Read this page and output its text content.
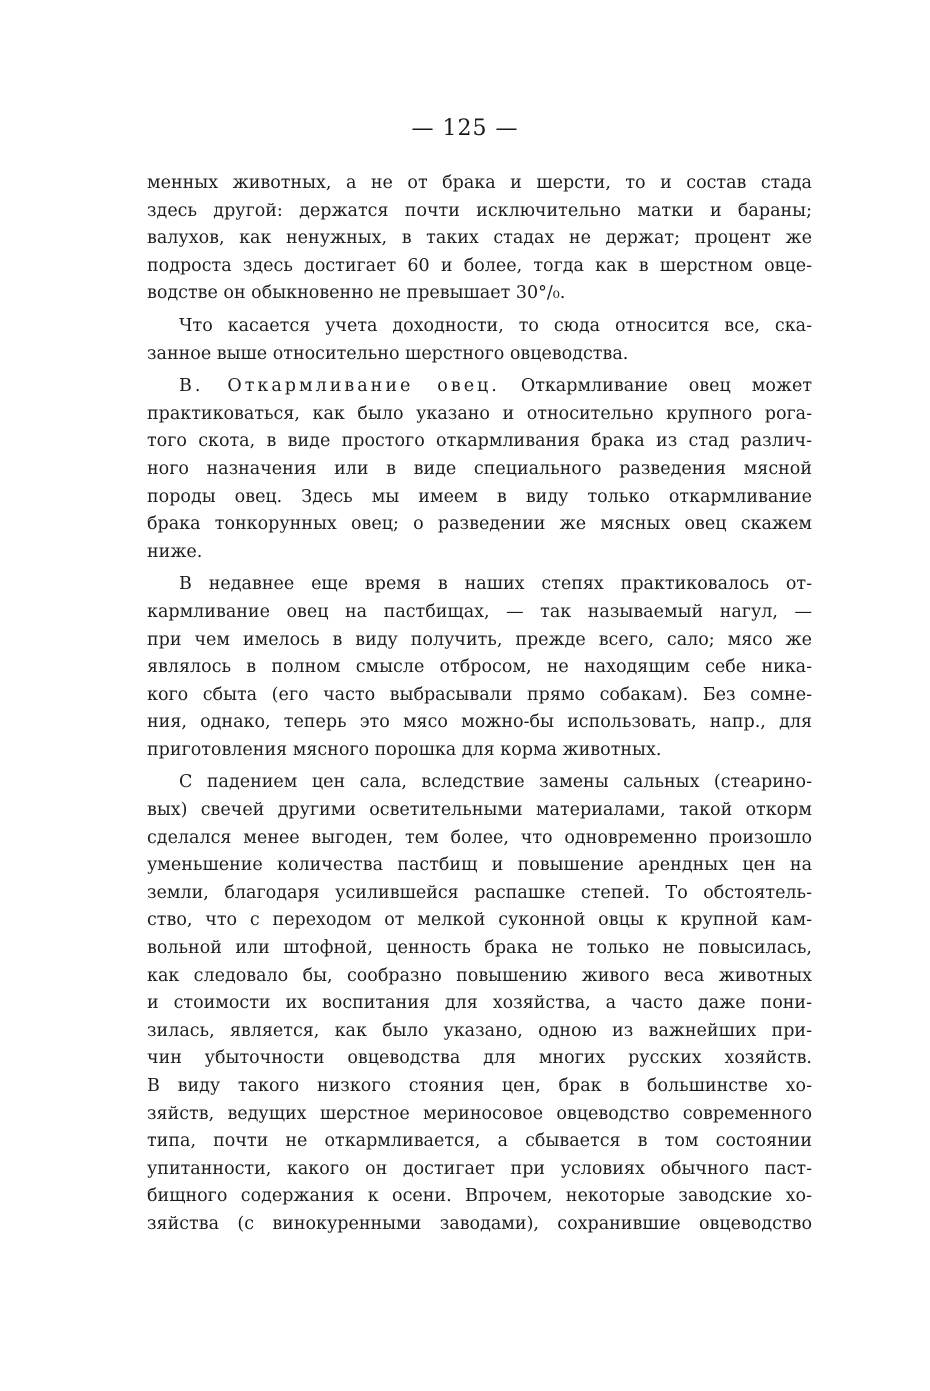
— 125 —
менных животных, а не от брака и шерсти, то и состав стада
здесь другой: держатся почти исключительно матки и бараны;
валухов, как ненужных, в таких стадах не держат; процент же
подроста здесь достигает 60 и более, тогда как в шерстном овце-
водстве он обыкновенно не превышает 30°/₀.
Что касается учета доходности, то сюда относится все, ска-
занное выше относительно шерстного овцеводства.
В. Откармливание овец. Откармливание овец может
практиковаться, как было указано и относительно крупного рога-
того скота, в виде простого откармливания брака из стад различ-
ного назначения или в виде специального разведения мясной
породы овец. Здесь мы имеем в виду только откармливание
брака тонкорунных овец; о разведении же мясных овец скажем
ниже.
В недавнее еще время в наших степях практиковалось от-
кармливание овец на пастбищах, — так называемый нагул, —
при чем имелось в виду получить, прежде всего, сало; мясо же
являлось в полном смысле отбросом, не находящим себе ника-
кого сбыта (его часто выбрасывали прямо собакам). Без сомне-
ния, однако, теперь это мясо можно-бы использовать, напр., для
приготовления мясного порошка для корма животных.
С падением цен сала, вследствие замены сальных (стеарино-
вых) свечей другими осветительными материалами, такой откорм
сделался менее выгоден, тем более, что одновременно произошло
уменьшение количества пастбищ и повышение арендных цен на
земли, благодаря усилившейся распашке степей. То обстоятель-
ство, что с переходом от мелкой суконной овцы к крупной кам-
вольной или штофной, ценность брака не только не повысилась,
как следовало бы, сообразно повышению живого веса животных
и стоимости их воспитания для хозяйства, а часто даже пони-
зилась, является, как было указано, одною из важнейших при-
чин убыточности овцеводства для многих русских хозяйств.
В виду такого низкого стояния цен, брак в большинстве хо-
зяйств, ведущих шерстное мериносовое овцеводство современного
типа, почти не откармливается, а сбывается в том состоянии
упитанности, какого он достигает при условиях обычного паст-
бищного содержания к осени. Впрочем, некоторые заводские хо-
зяйства (с винокуренными заводами), сохранившие овцеводство
